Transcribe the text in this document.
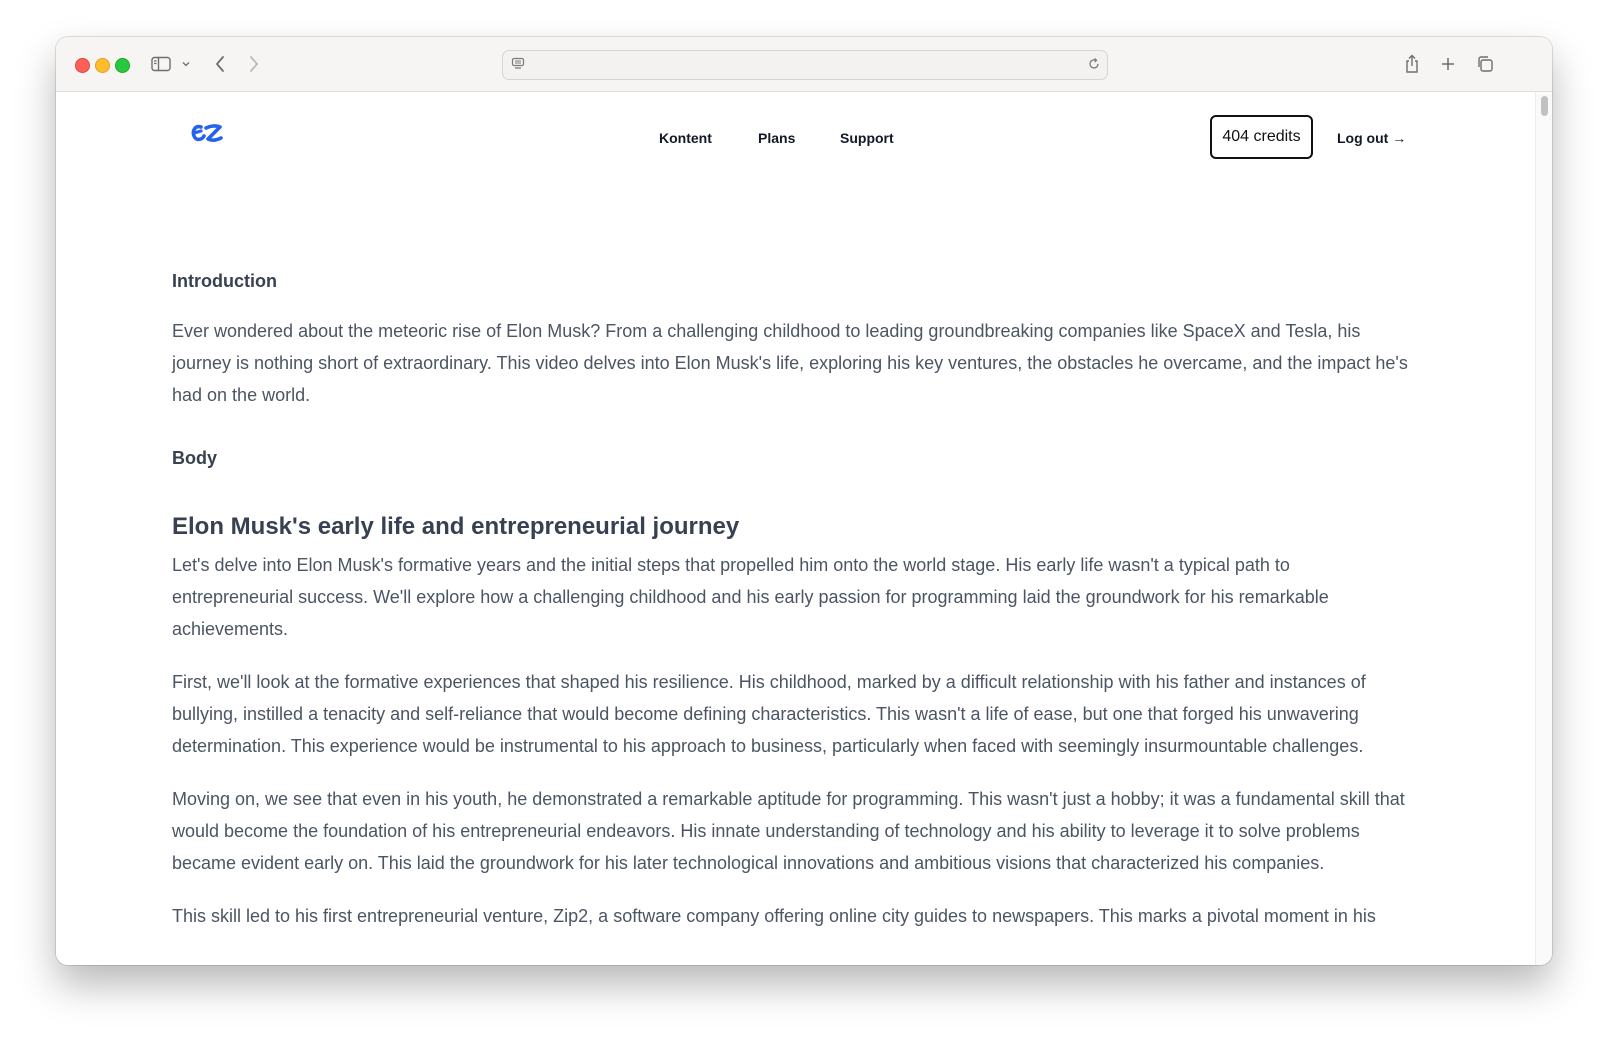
Kontent	Plans	Support	404 credits	Log out →
Introduction

Ever wondered about the meteoric rise of Elon Musk? From a challenging childhood to leading groundbreaking companies like SpaceX and Tesla, his journey is nothing short of extraordinary. This video delves into Elon Musk's life, exploring his key ventures, the obstacles he overcame, and the impact he's had on the world.

Body
Elon Musk's early life and entrepreneurial journey

Let's delve into Elon Musk's formative years and the initial steps that propelled him onto the world stage. His early life wasn't a typical path to entrepreneurial success. We'll explore how a challenging childhood and his early passion for programming laid the groundwork for his remarkable achievements.

First, we'll look at the formative experiences that shaped his resilience. His childhood, marked by a difficult relationship with his father and instances of bullying, instilled a tenacity and self-reliance that would become defining characteristics. This wasn't a life of ease, but one that forged his unwavering determination. This experience would be instrumental to his approach to business, particularly when faced with seemingly insurmountable challenges.

Moving on, we see that even in his youth, he demonstrated a remarkable aptitude for programming. This wasn't just a hobby; it was a fundamental skill that would become the foundation of his entrepreneurial endeavors. His innate understanding of technology and his ability to leverage it to solve problems became evident early on. This laid the groundwork for his later technological innovations and ambitious visions that characterized his companies.

This skill led to his first entrepreneurial venture, Zip2, a software company offering online city guides to newspapers. This marks a pivotal moment in his
